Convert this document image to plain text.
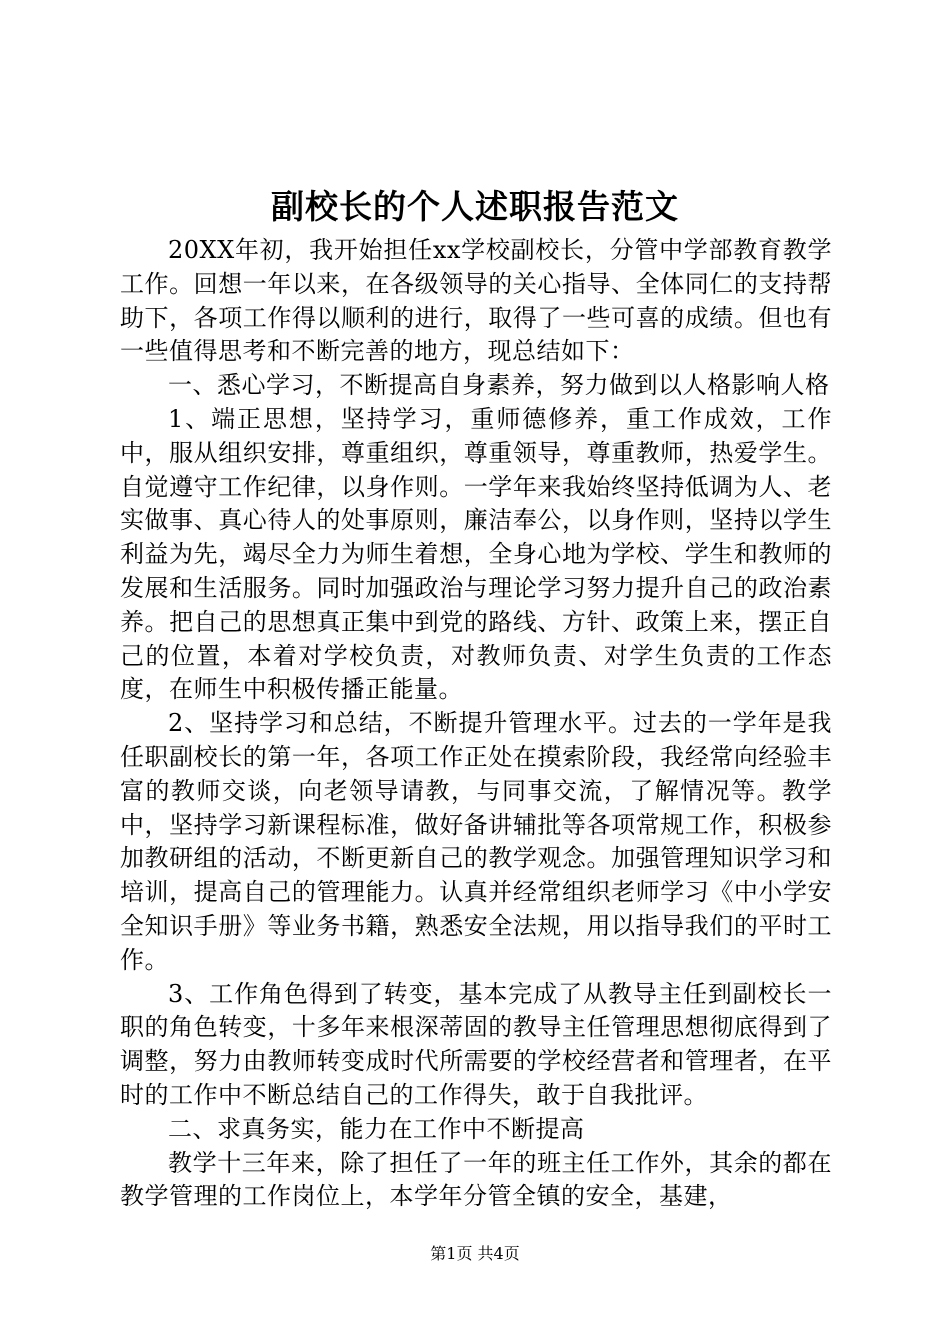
副校长的个人述职报告范文

20XX年初，我开始担任xx学校副校长，分管中学部教育教学工作。回想一年以来，在各级领导的关心指导、全体同仁的支持帮助下，各项工作得以顺利的进行，取得了一些可喜的成绩。但也有一些值得思考和不断完善的地方，现总结如下：

一、悉心学习，不断提高自身素养，努力做到以人格影响人格

1、端正思想，坚持学习，重师德修养，重工作成效，工作中，服从组织安排，尊重组织，尊重领导，尊重教师，热爱学生。自觉遵守工作纪律，以身作则。一学年来我始终坚持低调为人、老实做事、真心待人的处事原则，廉洁奉公，以身作则，坚持以学生利益为先，竭尽全力为师生着想，全身心地为学校、学生和教师的发展和生活服务。同时加强政治与理论学习努力提升自己的政治素养。把自己的思想真正集中到党的路线、方针、政策上来，摆正自己的位置，本着对学校负责，对教师负责、对学生负责的工作态度，在师生中积极传播正能量。

2、坚持学习和总结，不断提升管理水平。过去的一学年是我任职副校长的第一年，各项工作正处在摸索阶段，我经常向经验丰富的教师交谈，向老领导请教，与同事交流，了解情况等。教学中，坚持学习新课程标准，做好备讲辅批等各项常规工作，积极参加教研组的活动，不断更新自己的教学观念。加强管理知识学习和培训，提高自己的管理能力。认真并经常组织老师学习《中小学安全知识手册》等业务书籍，熟悉安全法规，用以指导我们的平时工作。

3、工作角色得到了转变，基本完成了从教导主任到副校长一职的角色转变，十多年来根深蒂固的教导主任管理思想彻底得到了调整，努力由教师转变成时代所需要的学校经营者和管理者，在平时的工作中不断总结自己的工作得失，敢于自我批评。

二、求真务实，能力在工作中不断提高

教学十三年来，除了担任了一年的班主任工作外，其余的都在教学管理的工作岗位上，本学年分管全镇的安全，基建，

第1页 共4页
